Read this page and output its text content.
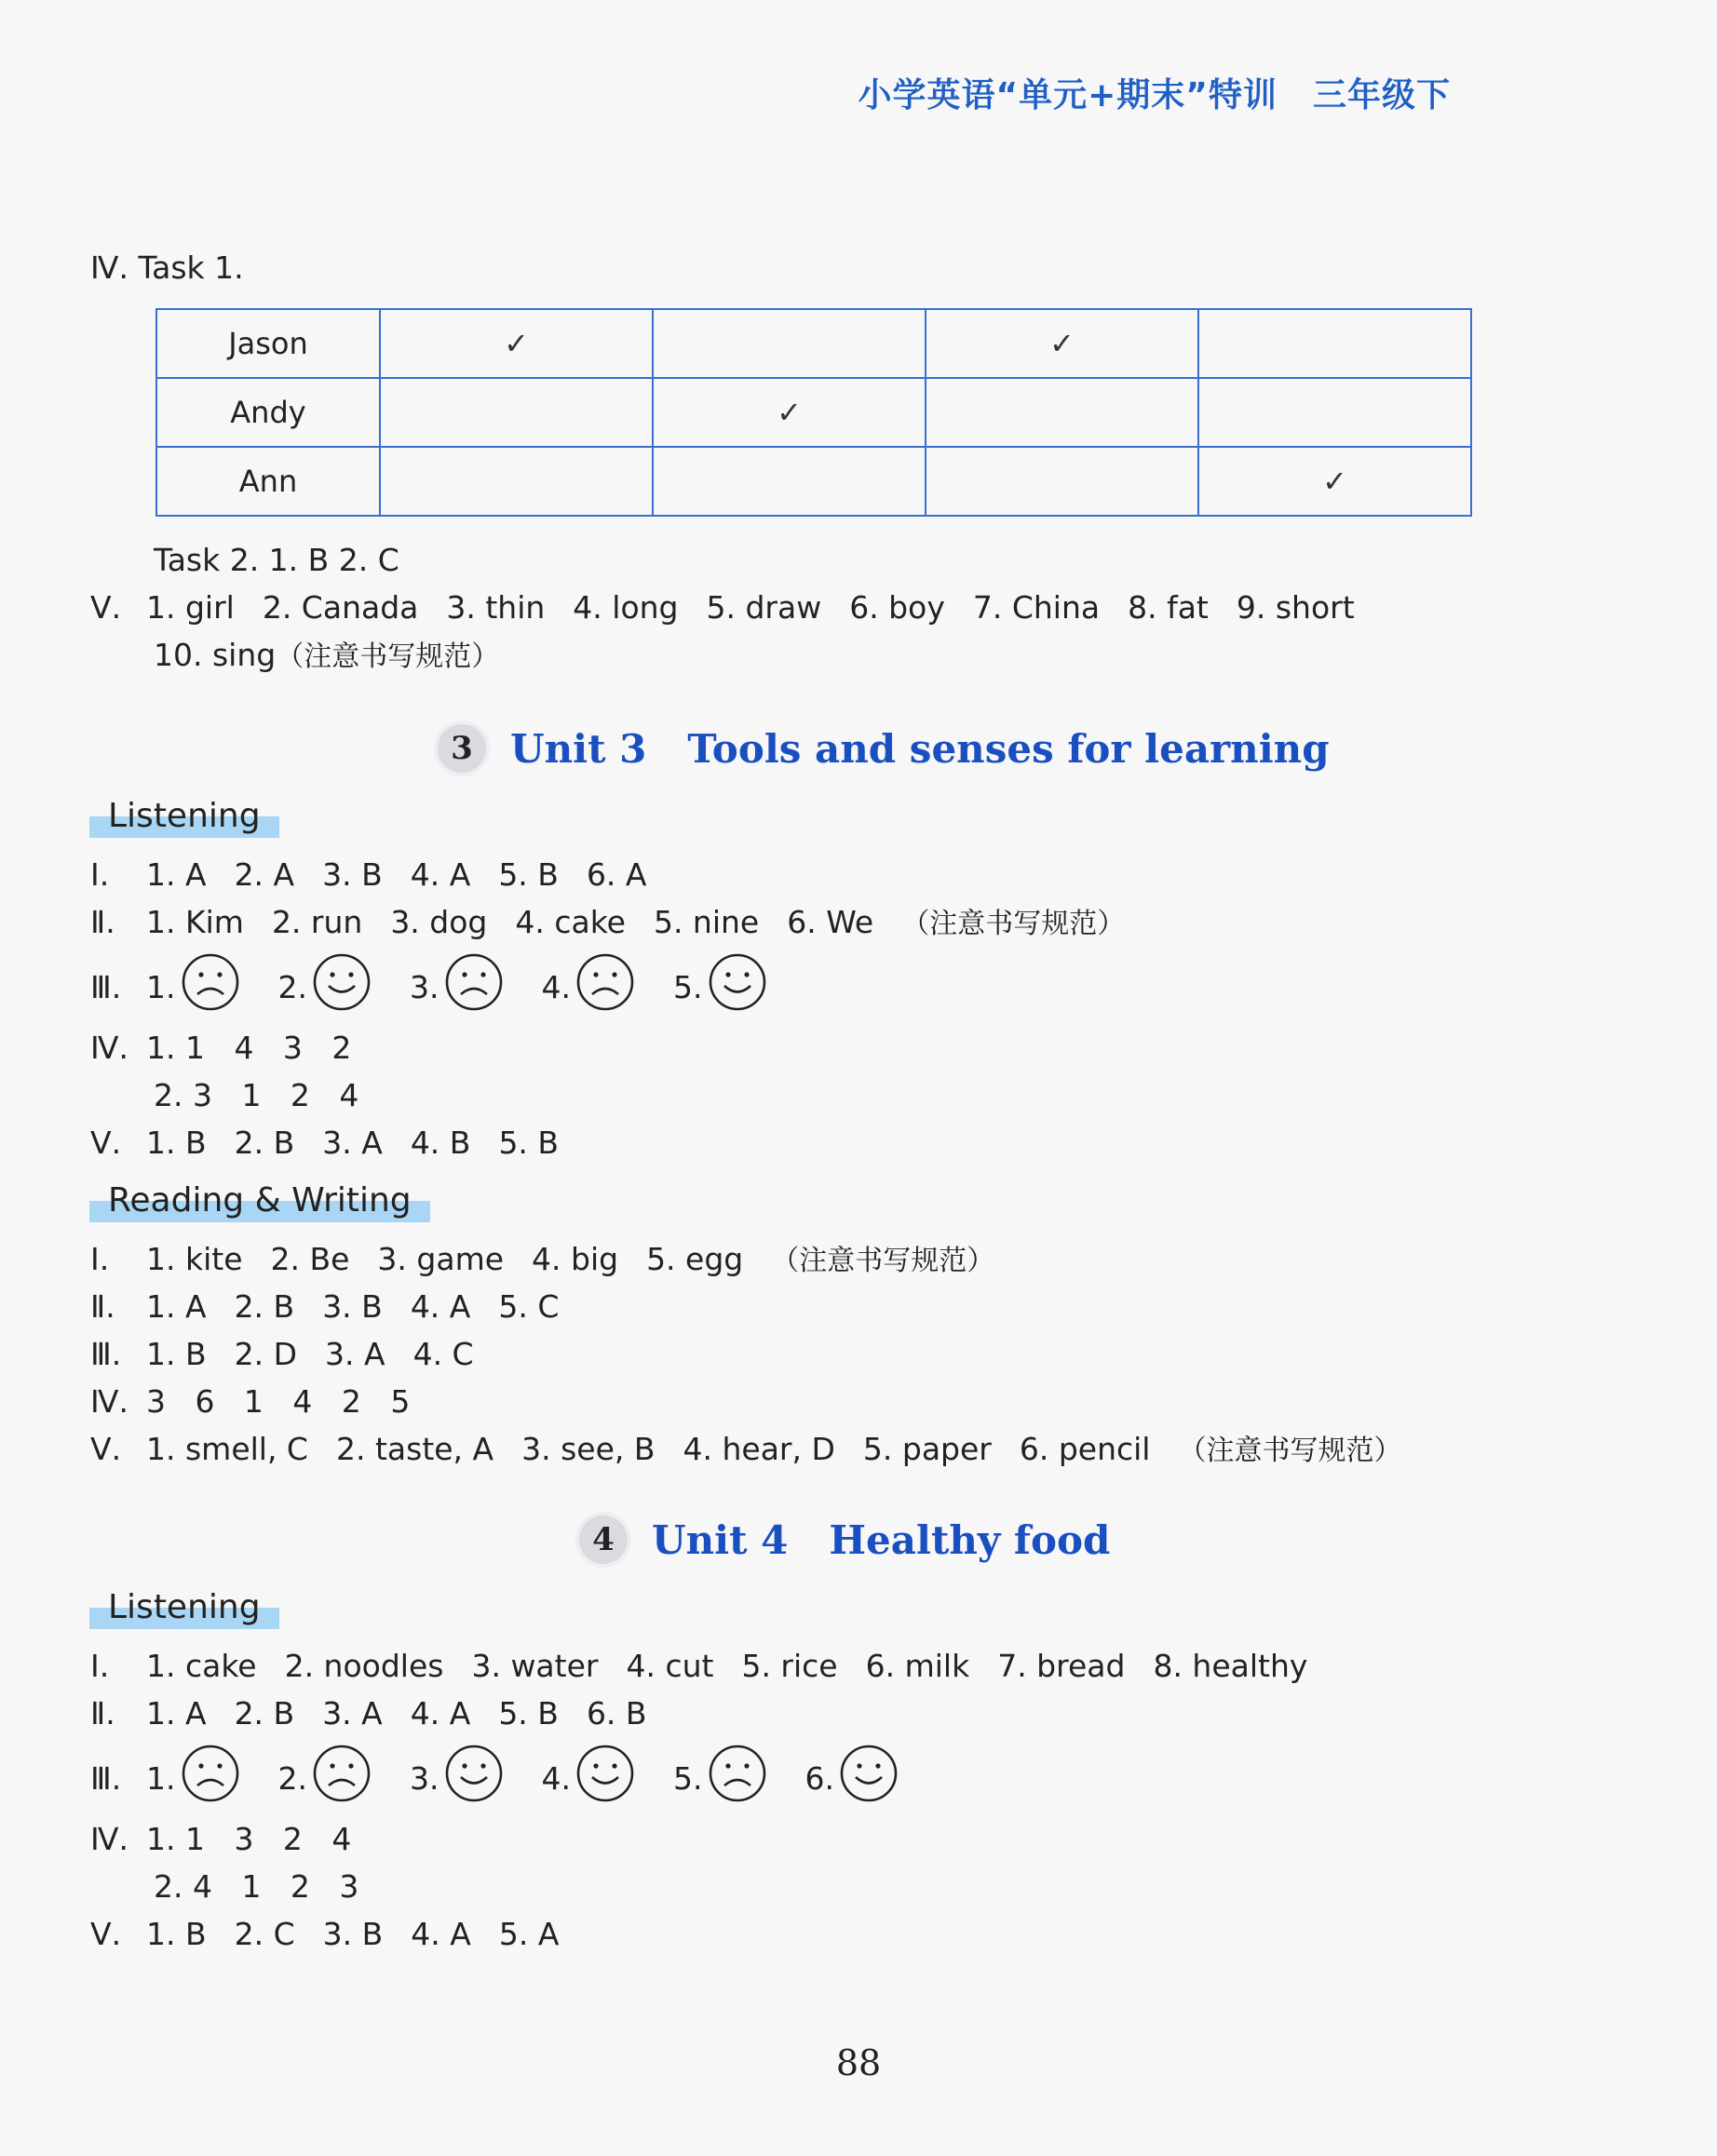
小学英语“单元+期末”特训 三年级下
Ⅳ. Task 1.
Jason	✓		✓	
Andy		✓		
Ann				✓
Task 2. 1. B 2. C
Ⅴ. 1. girl 2. Canada 3. thin 4. long 5. draw 6. boy 7. China 8. fat 9. short
10. sing（注意书写规范）
3 Unit 3 Tools and senses for learning
Listening
Ⅰ. 1. A 2. A 3. B 4. A 5. B 6. A
Ⅱ. 1. Kim 2. run 3. dog 4. cake 5. nine 6. We （注意书写规范）
Ⅲ. 1.	2.	3.	4.	5.
Ⅳ. 1. 1   4   3   2
2. 3   1   2   4
Ⅴ. 1. B 2. B 3. A 4. B 5. B
Reading & Writing
Ⅰ. 1. kite 2. Be 3. game 4. big 5. egg （注意书写规范）
Ⅱ. 1. A 2. B 3. B 4. A 5. C
Ⅲ. 1. B 2. D 3. A 4. C
Ⅳ. 3   6   1   4   2   5
Ⅴ. 1. smell, C 2. taste, A 3. see, B 4. hear, D 5. paper 6. pencil （注意书写规范）
4 Unit 4 Healthy food
Listening
Ⅰ. 1. cake 2. noodles 3. water 4. cut 5. rice 6. milk 7. bread 8. healthy
Ⅱ. 1. A 2. B 3. A 4. A 5. B 6. B
Ⅲ. 1.	2.	3.	4.	5.	6.
Ⅳ. 1. 1   3   2   4
2. 4   1   2   3
Ⅴ. 1. B 2. C 3. B 4. A 5. A
88
